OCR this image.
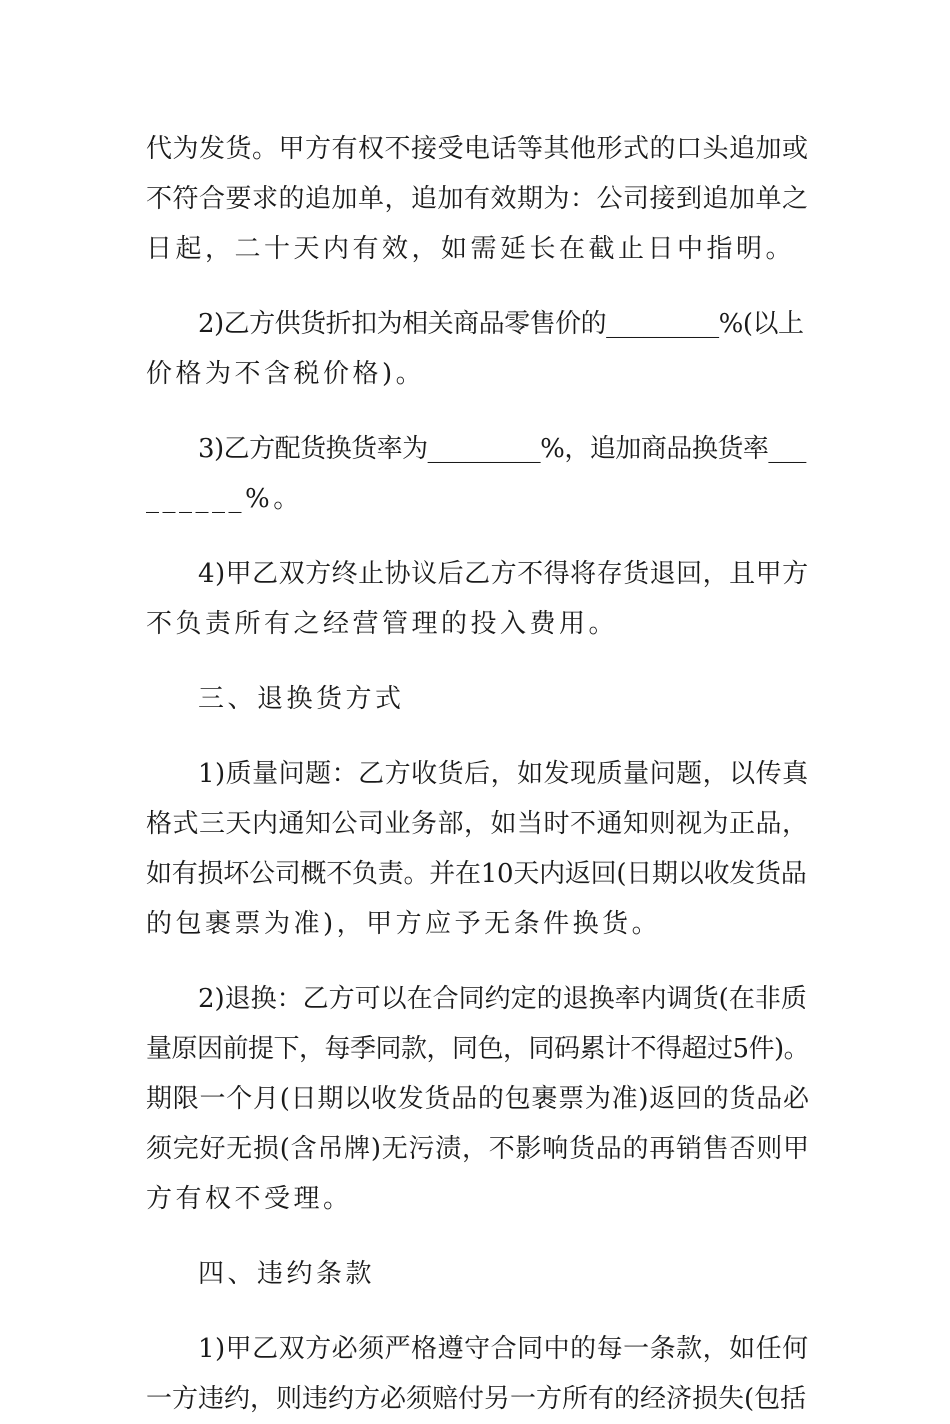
代为发货。甲方有权不接受电话等其他形式的口头追加或
不符合要求的追加单，追加有效期为：公司接到追加单之
日起，二十天内有效，如需延长在截止日中指明。
2)乙方供货折扣为相关商品零售价的_________%(以上
价格为不含税价格)。
3)乙方配货换货率为_________%，追加商品换货率___
______%。
4)甲乙双方终止协议后乙方不得将存货退回，且甲方
不负责所有之经营管理的投入费用。
三、退换货方式
1)质量问题：乙方收货后，如发现质量问题，以传真
格式三天内通知公司业务部，如当时不通知则视为正品，
如有损坏公司概不负责。并在10天内返回(日期以收发货品
的包裹票为准)，甲方应予无条件换货。
2)退换：乙方可以在合同约定的退换率内调货(在非质
量原因前提下，每季同款，同色，同码累计不得超过5件)。
期限一个月(日期以收发货品的包裹票为准)返回的货品必
须完好无损(含吊牌)无污渍，不影响货品的再销售否则甲
方有权不受理。
四、违约条款
1)甲乙双方必须严格遵守合同中的每一条款，如任何
一方违约，则违约方必须赔付另一方所有的经济损失(包括
